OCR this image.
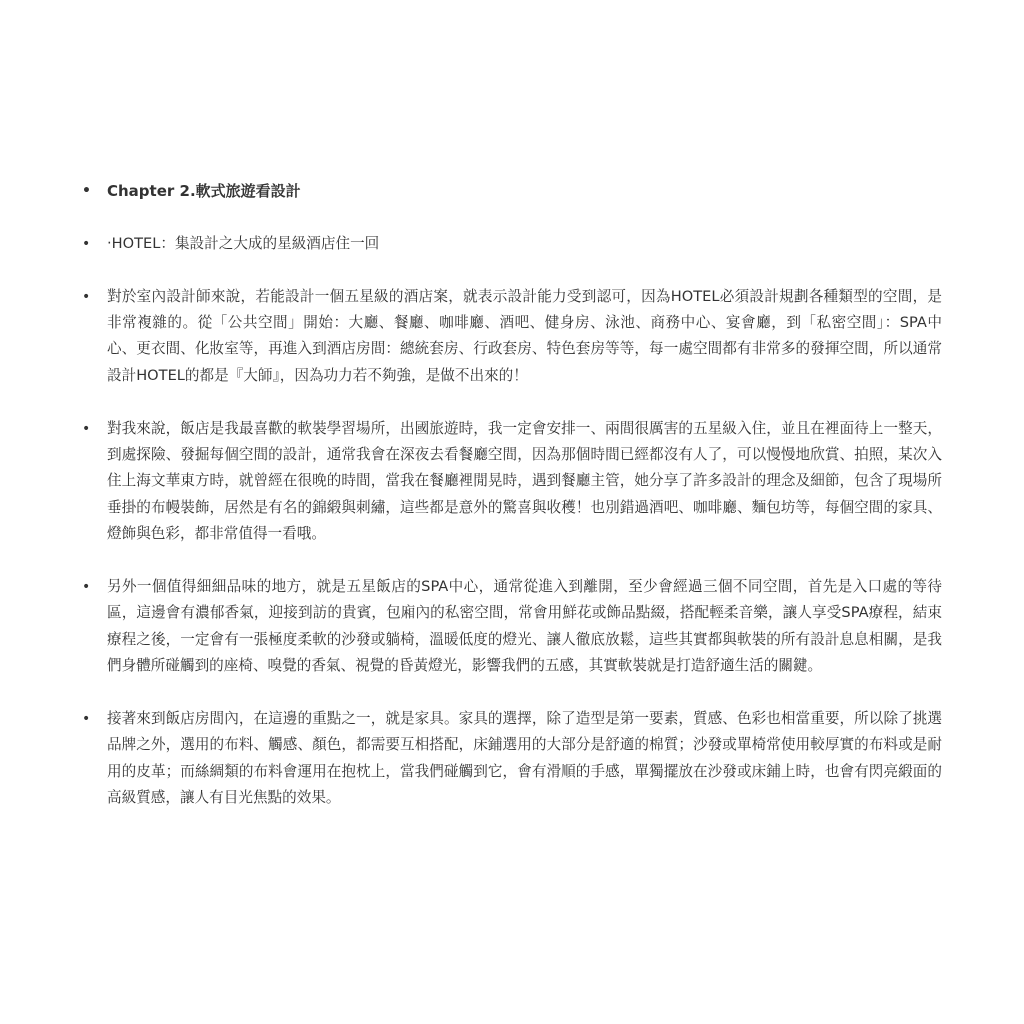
• Chapter 2.軟式旅遊看設計
• ‧HOTEL：集設計之大成的星級酒店住一回
• 對於室內設計師來說，若能設計一個五星級的酒店案，就表示設計能力受到認可，因為HOTEL必須設計規劃各種類型的空間，是非常複雜的。從「公共空間」開始：大廳、餐廳、咖啡廳、酒吧、健身房、泳池、商務中心、宴會廳，到「私密空間」：SPA中心、更衣間、化妝室等，再進入到酒店房間：總統套房、行政套房、特色套房等等，每一處空間都有非常多的發揮空間，所以通常設計HOTEL的都是『大師』，因為功力若不夠強，是做不出來的！
• 對我來說，飯店是我最喜歡的軟裝學習場所，出國旅遊時，我一定會安排一、兩間很厲害的五星級入住，並且在裡面待上一整天，到處探險、發掘每個空間的設計，通常我會在深夜去看餐廳空間，因為那個時間已經都沒有人了，可以慢慢地欣賞、拍照，某次入住上海文華東方時，就曾經在很晚的時間，當我在餐廳裡閒晃時，遇到餐廳主管，她分享了許多設計的理念及細節，包含了現場所垂掛的布幔裝飾，居然是有名的錦緞與刺繡，這些都是意外的驚喜與收穫！也別錯過酒吧、咖啡廳、麵包坊等，每個空間的家具、燈飾與色彩，都非常值得一看哦。
• 另外一個值得細細品味的地方，就是五星飯店的SPA中心，通常從進入到離開，至少會經過三個不同空間，首先是入口處的等待區，這邊會有濃郁香氣，迎接到訪的貴賓，包廂內的私密空間，常會用鮮花或飾品點綴，搭配輕柔音樂，讓人享受SPA療程，結束療程之後，一定會有一張極度柔軟的沙發或躺椅，溫暖低度的燈光、讓人徹底放鬆，這些其實都與軟裝的所有設計息息相關，是我們身體所碰觸到的座椅、嗅覺的香氣、視覺的昏黃燈光，影響我們的五感，其實軟裝就是打造舒適生活的關鍵。
• 接著來到飯店房間內，在這邊的重點之一，就是家具。家具的選擇，除了造型是第一要素，質感、色彩也相當重要，所以除了挑選品牌之外，選用的布料、觸感、顏色，都需要互相搭配，床鋪選用的大部分是舒適的棉質；沙發或單椅常使用較厚實的布料或是耐用的皮革；而絲綢類的布料會運用在抱枕上，當我們碰觸到它，會有滑順的手感，單獨擺放在沙發或床鋪上時，也會有閃亮緞面的高級質感，讓人有目光焦點的效果。
